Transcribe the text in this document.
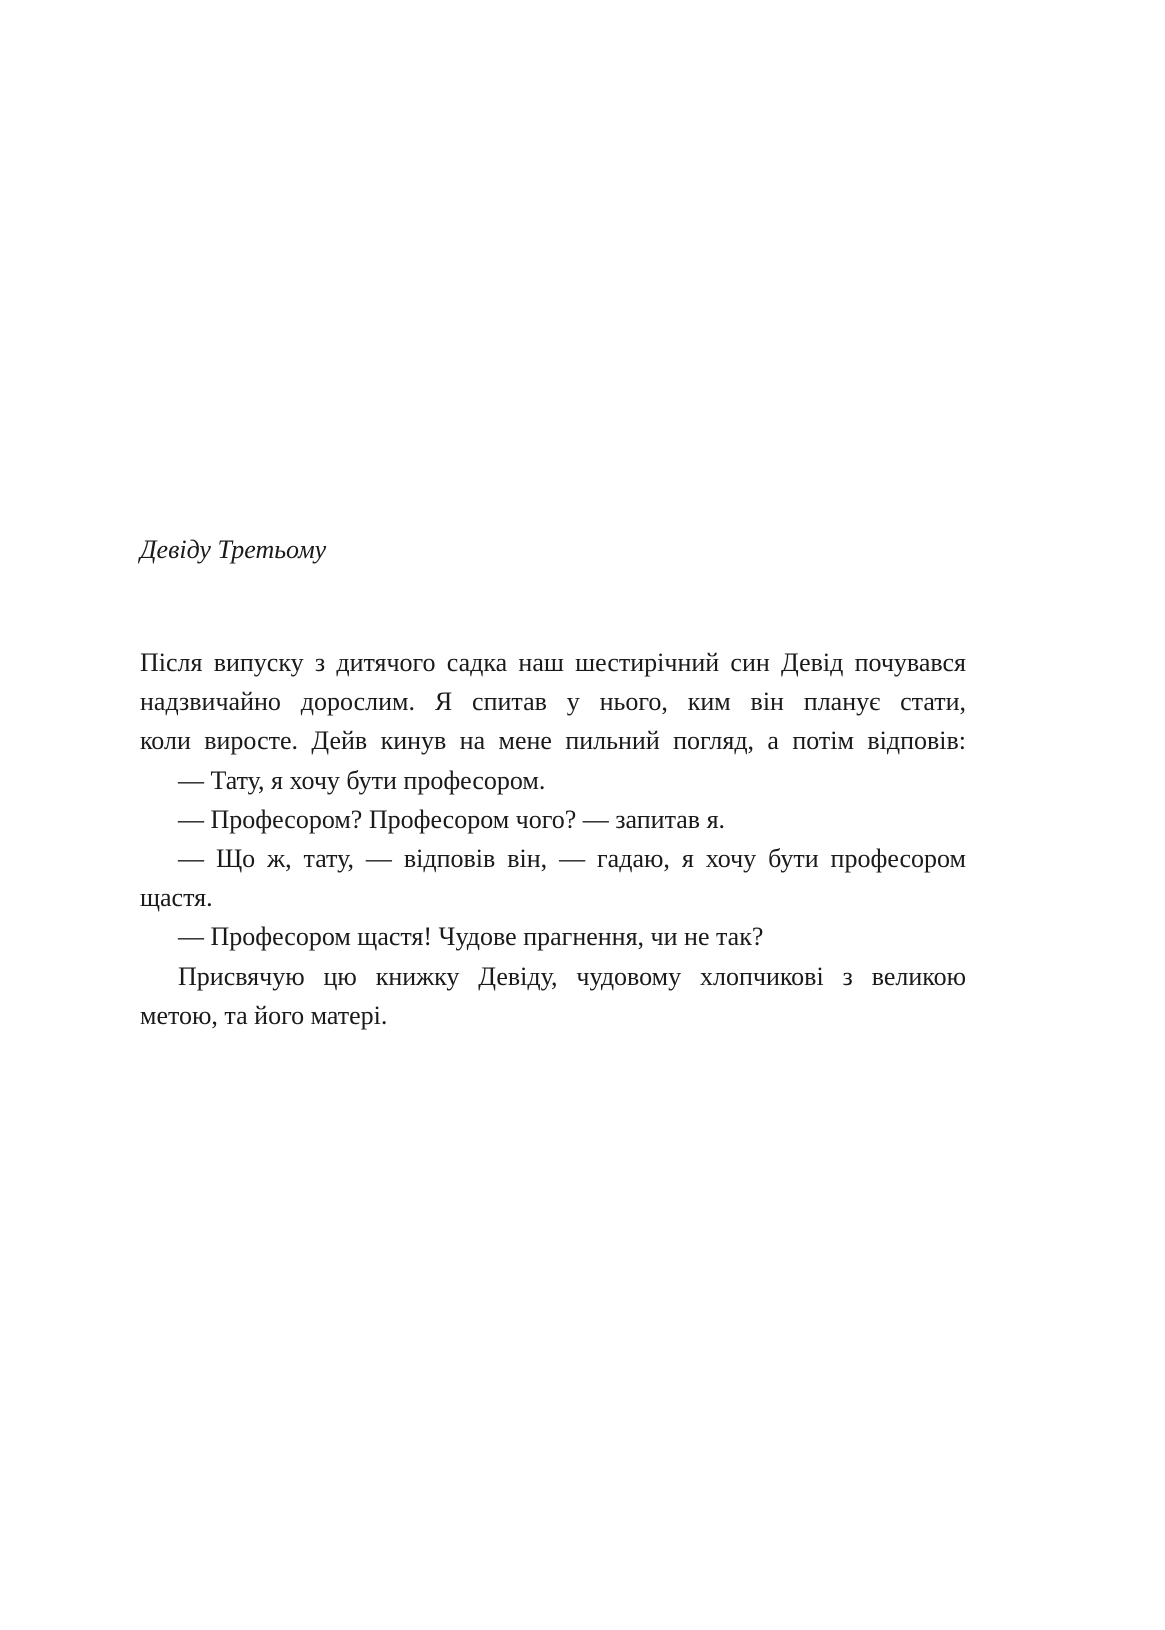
Девіду Третьому

Після випуску з дитячого садка наш шестирічний син Девід почувався надзвичайно дорослим. Я спитав у нього, ким він планує стати,

коли виросте. Дейв кинув на мене пильний погляд, а потім відповів:

— Тату, я хочу бути професором.

— Професором? Професором чого? — запитав я.

— Що ж, тату, — відповів він, — гадаю, я хочу бути професором

щастя.

— Професором щастя! Чудове прагнення, чи не так?

Присвячую цю книжку Девіду, чудовому хлопчикові з великою

метою, та його матері.
